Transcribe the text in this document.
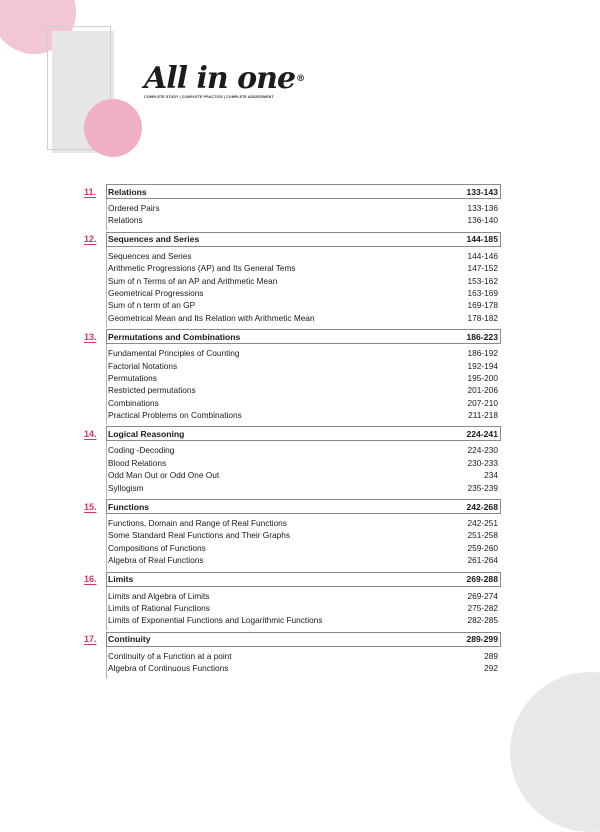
All in one®
COMPLETE STUDY | COMPLETE PRACTICE | COMPLETE ASSESSMENT
11.	Relations	133-143
Ordered Pairs	133-136
Relations	136-140
12.	Sequences and Series	144-185
Sequences and Series	144-146
Arithmetic Progressions (AP) and Its General Tems	147-152
Sum of n Terms of an AP and Arithmetic Mean	153-162
Geometrical Progressions	163-169
Sum of n term of an GP	169-178
Geometrical Mean and Its Relation with Arithmetic Mean	178-182
13.	Permutations and Combinations	186-223
Fundamental Principles of Counting	186-192
Factorial Notations	192-194
Permutations	195-200
Restricted permutations	201-206
Combinations	207-210
Practical Problems on Combinations	211-218
14.	Logical Reasoning	224-241
Coding -Decoding	224-230
Blood Relations	230-233
Odd Man Out or Odd One Out	234
Syllogism	235-239
15.	Functions	242-268
Functions, Domain and Range of Real Functions	242-251
Some Standard Real Functions and Their Graphs	251-258
Compositions of Functions	259-260
Algebra of Real Functions	261-264
16.	Limits	269-288
Limits and Algebra of Limits	269-274
Limits of Rational Functions	275-282
Limits of Exponential Functions and Logarithmic Functions	282-285
17.	Continuity	289-299
Continuity of a Function at a point	289
Algebra of Continuous Functions	292
